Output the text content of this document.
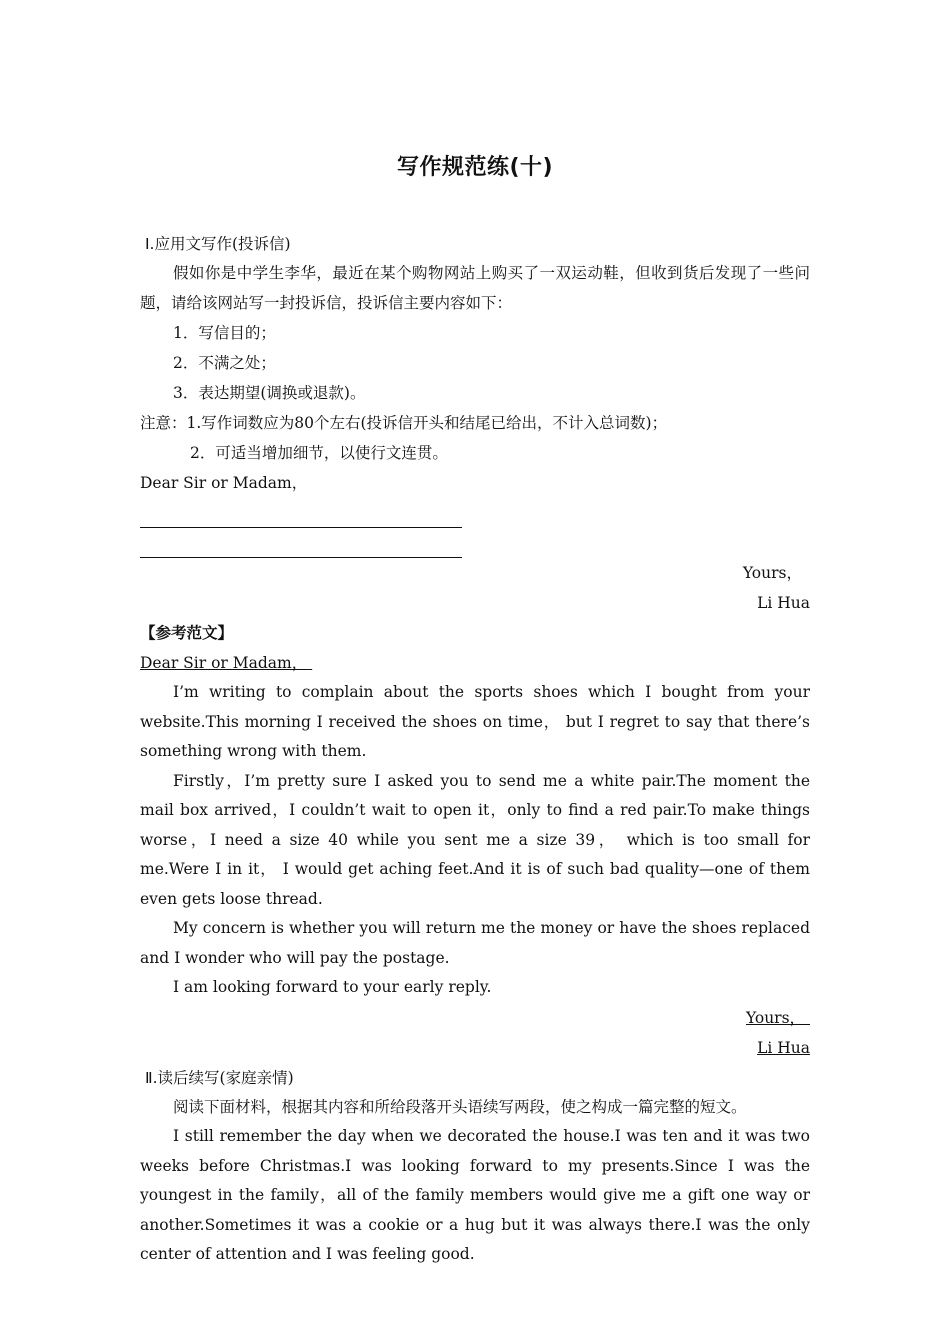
写作规范练(十)

Ⅰ.应用文写作(投诉信)

假如你是中学生李华，最近在某个购物网站上购买了一双运动鞋，但收到货后发现了一些问题，请给该网站写一封投诉信，投诉信主要内容如下：

1．写信目的；

2．不满之处；

3．表达期望(调换或退款)。

注意：1.写作词数应为80个左右(投诉信开头和结尾已给出，不计入总词数)；

2．可适当增加细节，以使行文连贯。

Dear Sir or Madam，

Yours，

Li Hua

【参考范文】

Dear Sir or Madam，

I’m writing to complain about the sports shoes which I bought from your website.This morning I received the shoes on time， but I regret to say that there’s something wrong with them.

Firstly，I’m pretty sure I asked you to send me a white pair.The moment the mail box arrived，I couldn’t wait to open it，only to find a red pair.To make things worse，I need a size 40 while you sent me a size 39， which is too small for me.Were I in it， I would get aching feet.And it is of such bad quality—one of them even gets loose thread.

My concern is whether you will return me the money or have the shoes replaced and I wonder who will pay the postage.

I am looking forward to your early reply.

Yours，

Li Hua

Ⅱ.读后续写(家庭亲情)

阅读下面材料，根据其内容和所给段落开头语续写两段，使之构成一篇完整的短文。

I still remember the day when we decorated the house.I was ten and it was two weeks before Christmas.I was looking forward to my presents.Since I was the youngest in the family，all of the family members would give me a gift one way or another.Sometimes it was a cookie or a hug but it was always there.I was the only center of attention and I was feeling good.
